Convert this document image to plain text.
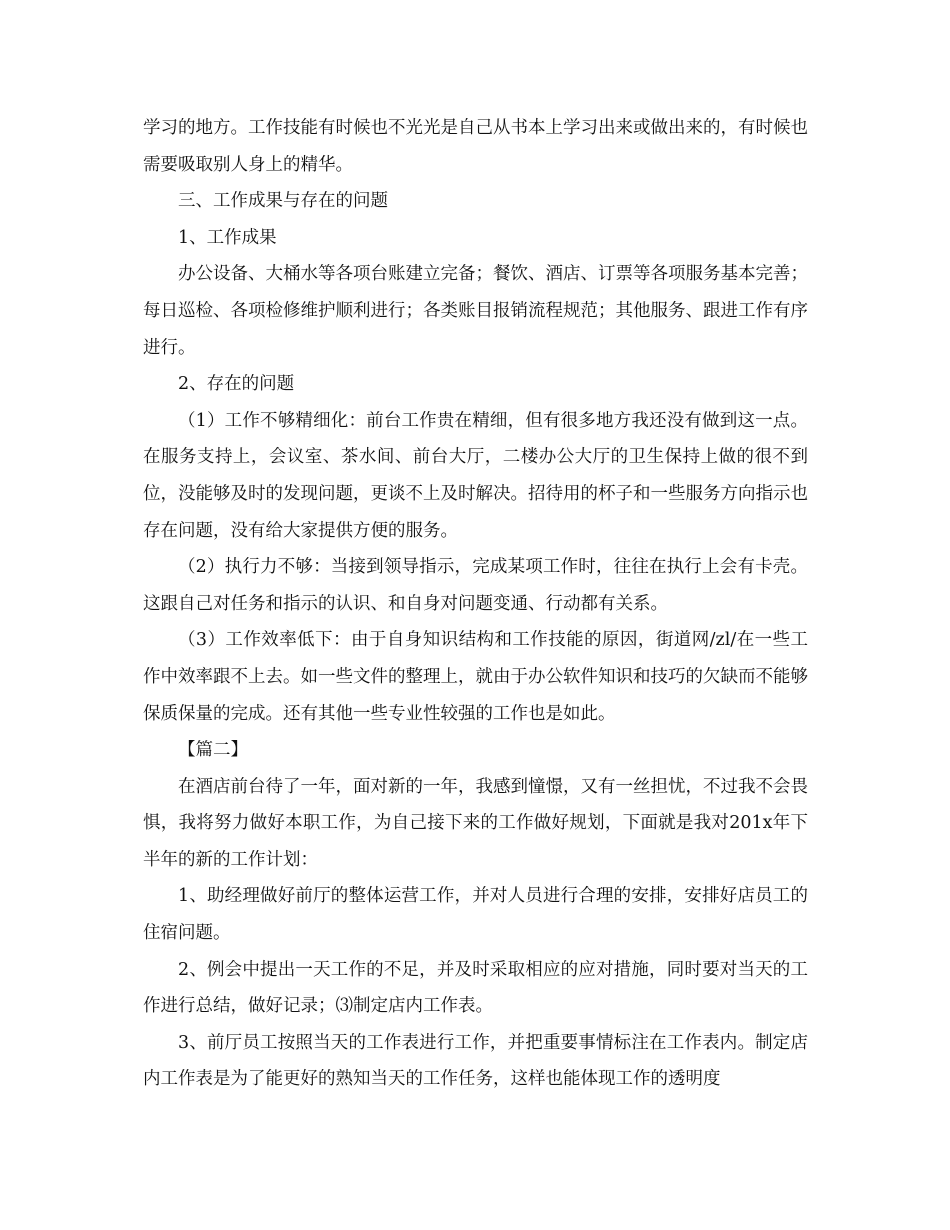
学习的地方。工作技能有时候也不光光是自己从书本上学习出来或做出来的，有时候也需要吸取别人身上的精华。

三、工作成果与存在的问题

1、工作成果

办公设备、大桶水等各项台账建立完备；餐饮、酒店、订票等各项服务基本完善；每日巡检、各项检修维护顺利进行；各类账目报销流程规范；其他服务、跟进工作有序进行。

2、存在的问题

（1）工作不够精细化：前台工作贵在精细，但有很多地方我还没有做到这一点。在服务支持上，会议室、茶水间、前台大厅，二楼办公大厅的卫生保持上做的很不到位，没能够及时的发现问题，更谈不上及时解决。招待用的杯子和一些服务方向指示也存在问题，没有给大家提供方便的服务。

（2）执行力不够：当接到领导指示，完成某项工作时，往往在执行上会有卡壳。这跟自己对任务和指示的认识、和自身对问题变通、行动都有关系。

（3）工作效率低下：由于自身知识结构和工作技能的原因，街道网/zl/在一些工作中效率跟不上去。如一些文件的整理上，就由于办公软件知识和技巧的欠缺而不能够保质保量的完成。还有其他一些专业性较强的工作也是如此。

【篇二】

在酒店前台待了一年，面对新的一年，我感到憧憬，又有一丝担忧，不过我不会畏惧，我将努力做好本职工作，为自己接下来的工作做好规划，下面就是我对201x年下半年的新的工作计划：

1、助经理做好前厅的整体运营工作，并对人员进行合理的安排，安排好店员工的住宿问题。

2、例会中提出一天工作的不足，并及时采取相应的应对措施，同时要对当天的工作进行总结，做好记录；⑶制定店内工作表。

3、前厅员工按照当天的工作表进行工作，并把重要事情标注在工作表内。制定店内工作表是为了能更好的熟知当天的工作任务，这样也能体现工作的透明度
